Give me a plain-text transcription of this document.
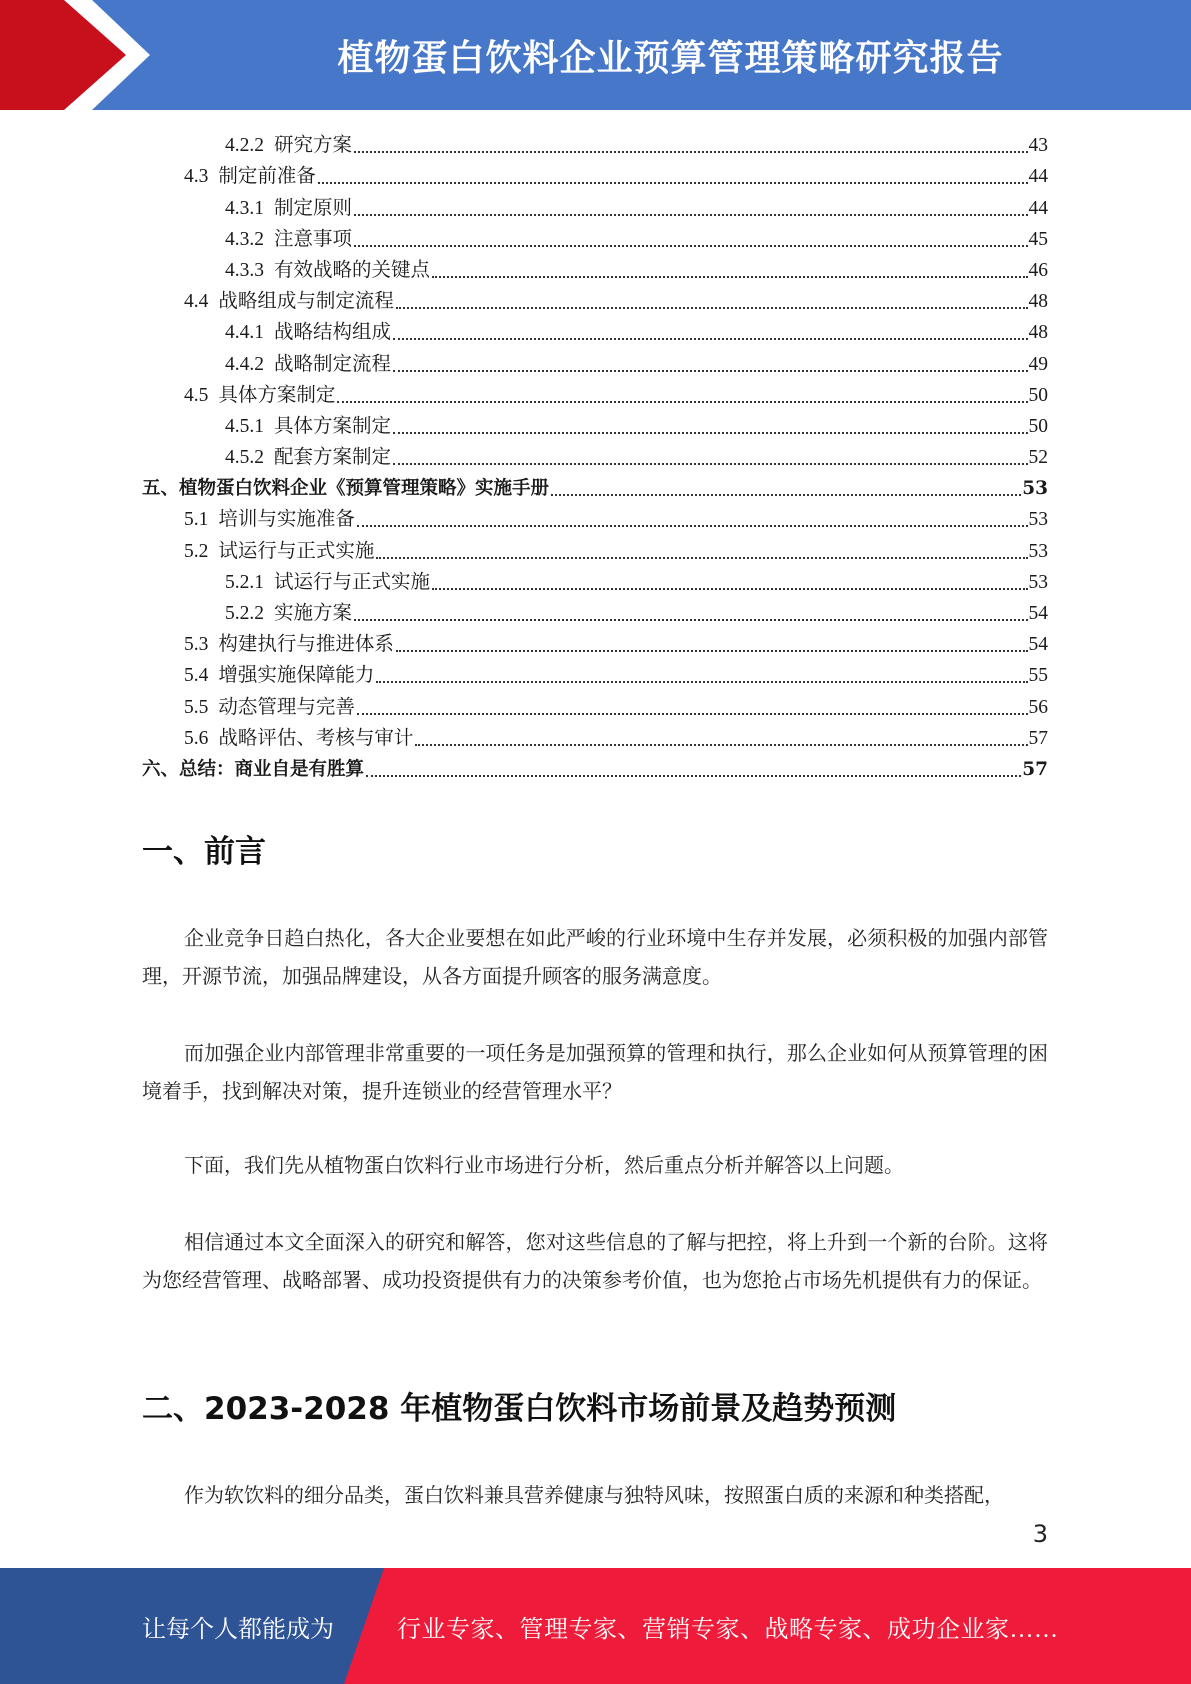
植物蛋白饮料企业预算管理策略研究报告
4.2.2 研究方案	43
4.3 制定前准备	44
4.3.1 制定原则	44
4.3.2 注意事项	45
4.3.3 有效战略的关键点	46
4.4 战略组成与制定流程	48
4.4.1 战略结构组成	48
4.4.2 战略制定流程	49
4.5 具体方案制定	50
4.5.1 具体方案制定	50
4.5.2 配套方案制定	52
五、植物蛋白饮料企业《预算管理策略》实施手册	53
5.1 培训与实施准备	53
5.2 试运行与正式实施	53
5.2.1 试运行与正式实施	53
5.2.2 实施方案	54
5.3 构建执行与推进体系	54
5.4 增强实施保障能力	55
5.5 动态管理与完善	56
5.6 战略评估、考核与审计	57
六、总结：商业自是有胜算	57
一、前言
企业竞争日趋白热化，各大企业要想在如此严峻的行业环境中生存并发展，必须积极的加强内部管理，开源节流，加强品牌建设，从各方面提升顾客的服务满意度。
而加强企业内部管理非常重要的一项任务是加强预算的管理和执行，那么企业如何从预算管理的困境着手，找到解决对策，提升连锁业的经营管理水平？
下面，我们先从植物蛋白饮料行业市场进行分析，然后重点分析并解答以上问题。
相信通过本文全面深入的研究和解答，您对这些信息的了解与把控，将上升到一个新的台阶。这将为您经营管理、战略部署、成功投资提供有力的决策参考价值，也为您抢占市场先机提供有力的保证。
二、2023-2028 年植物蛋白饮料市场前景及趋势预测
作为软饮料的细分品类，蛋白饮料兼具营养健康与独特风味，按照蛋白质的来源和种类搭配，
3
让每个人都能成为	行业专家、管理专家、营销专家、战略专家、成功企业家……
